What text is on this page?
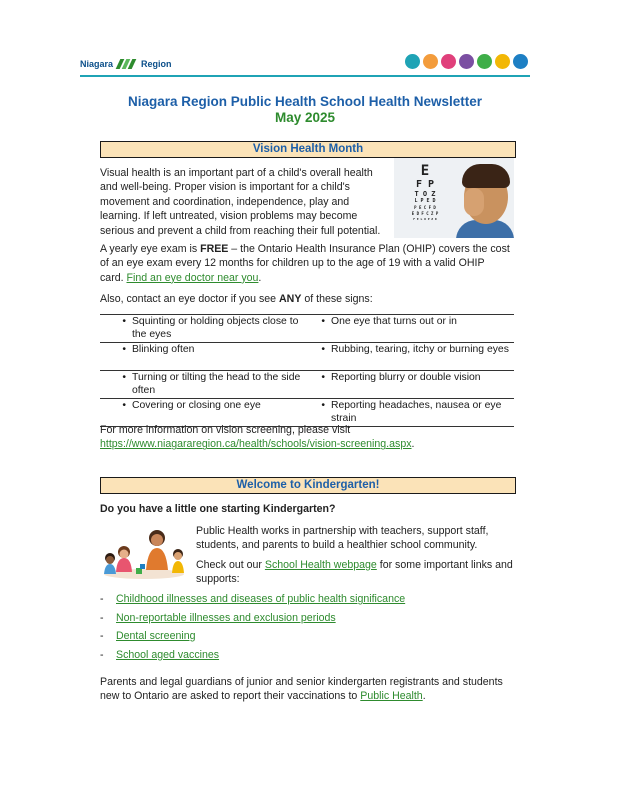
Niagara	Region
Niagara Region Public Health School Health Newsletter
May 2025
Vision Health Month
Visual health is an important part of a child's overall health
and well-being. Proper vision is important for a child's
movement and coordination, independence, play and
learning. If left untreated, vision problems may become
serious and prevent a child from reaching their full potential.
E
F P
T O Z
L P E D
P E C F D
E D F C Z P
F E L O P Z D
A yearly eye exam is FREE – the Ontario Health Insurance Plan (OHIP) covers the cost
of an eye exam every 12 months for children up to the age of 19 with a valid OHIP
card. Find an eye doctor near you.
Also, contact an eye doctor if you see ANY of these signs:
• Squinting or holding objects close to the eyes	• One eye that turns out or in

• Blinking often	• Rubbing, tearing, itchy or burning eyes

• Turning or tilting the head to the side often	• Reporting blurry or double vision

• Covering or closing one eye	• Reporting headaches, nausea or eye strain
For more information on vision screening, please visit
https://www.niagararegion.ca/health/schools/vision-screening.aspx.
Welcome to Kindergarten!
Do you have a little one starting Kindergarten?
Public Health works in partnership with teachers, support staff,
students, and parents to build a healthier school community.
Check out our School Health webpage for some important links and
supports:
- Childhood illnesses and diseases of public health significance
- Non-reportable illnesses and exclusion periods
- Dental screening
- School aged vaccines
Parents and legal guardians of junior and senior kindergarten registrants and students
new to Ontario are asked to report their vaccinations to Public Health.
